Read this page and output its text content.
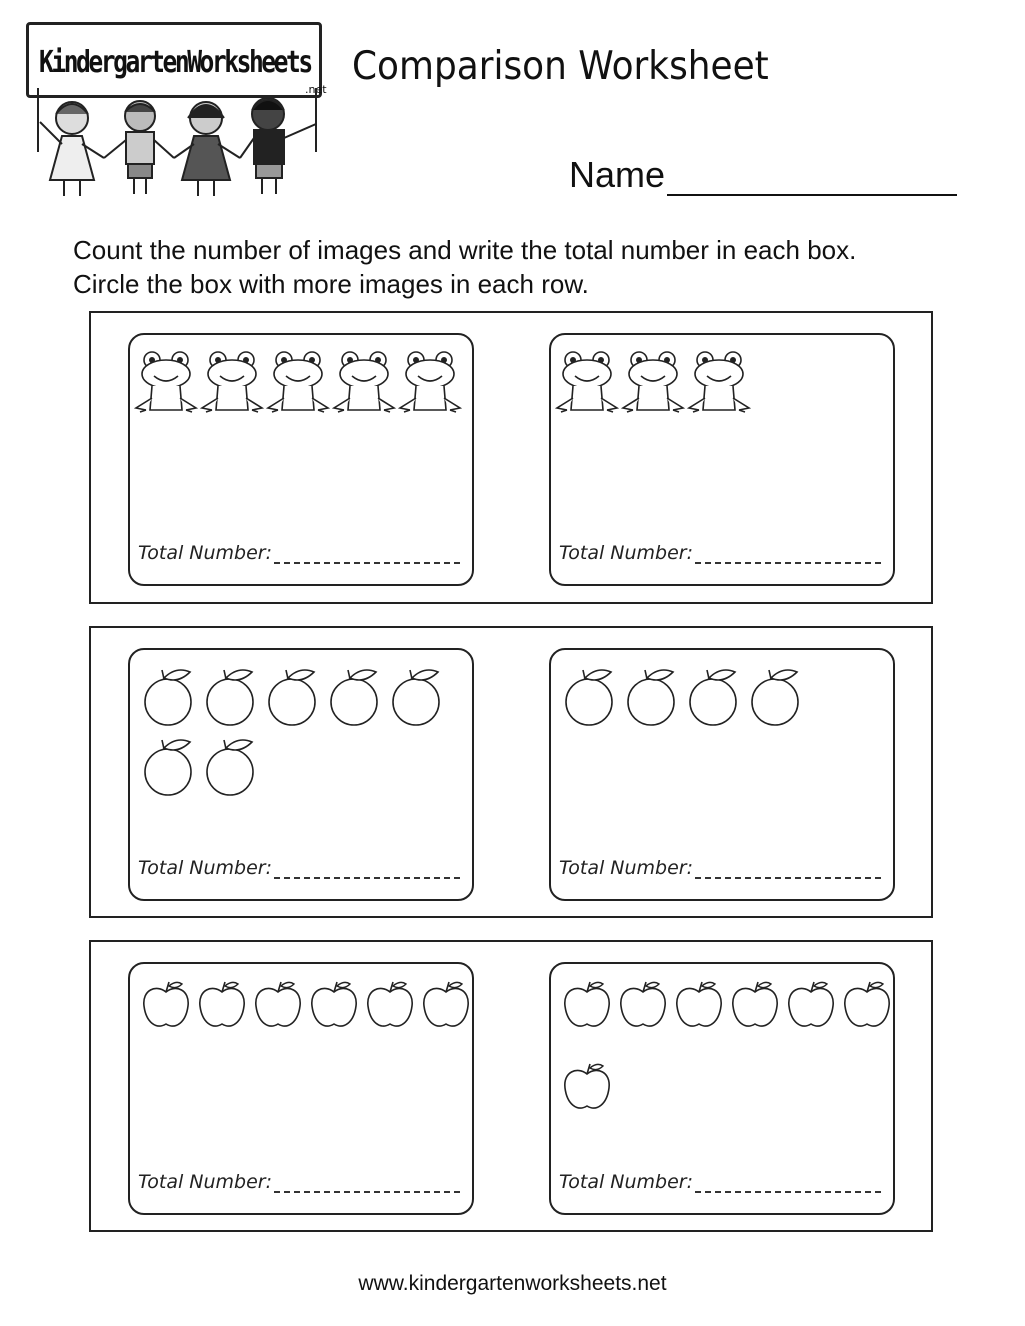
KindergartenWorksheets
.net
Comparison Worksheet
Name
Count the number of images and write the total number in each box.
Circle the box with more images in each row.
Total Number:	Total Number:
Total Number:	Total Number:
Total Number:	Total Number:
www.kindergartenworksheets.net
